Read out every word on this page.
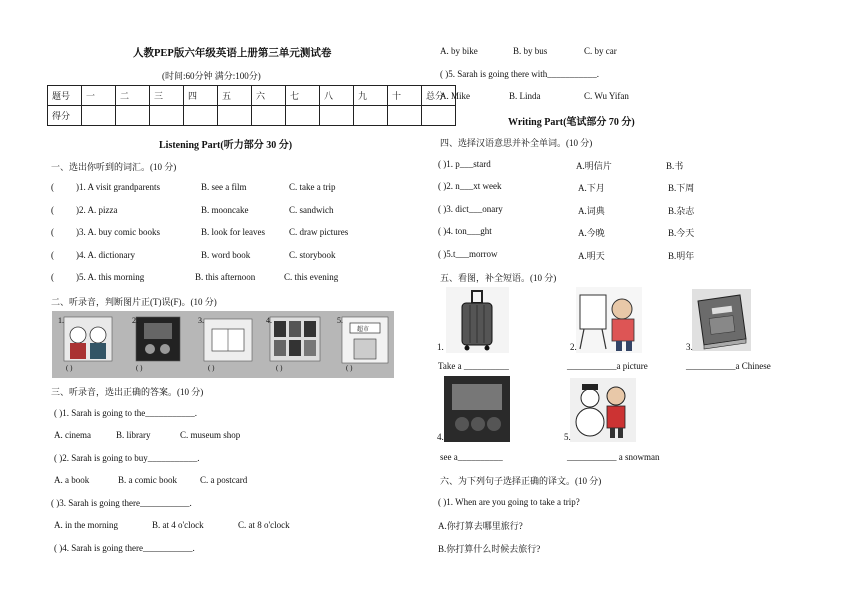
人教PEP版六年级英语上册第三单元测试卷
(时间:60分钟 满分:100分)
题号	一	二	三	四	五	六	七	八	九	十	总分
得分											
Listening Part(听力部分 30 分)
一、选出你听到的词汇。(10 分)
( )1. A visit grandparents	B. see a film	C. take a trip
( )2. A. pizza	B. mooncake	C. sandwich
( )3. A. buy comic books	B. look for leaves	C. draw pictures
( )4. A. dictionary	B. word book	C. storybook
( )5. A. this morning	B. this afternoon	C. this evening
二、听录音，判断图片正(T)误(F)。(10 分)
1.	2.	3.	4.	5.
超市
( )	( )	( )	( )	( )
三、听录音，选出正确的答案。(10 分)
( )1. Sarah is going to the___________.
A. cinema	B. library	C. museum shop
( )2. Sarah is going to buy___________.
A. a book	B. a comic book	C. a postcard
( )3. Sarah is going there___________.
A. in the morning	B. at 4 o'clock	C. at 8 o'clock
( )4. Sarah is going there___________.
A. by bike	B. by bus	C. by car
( )5. Sarah is going there with___________.
A. Mike	B. Linda	C. Wu Yifan
Writing Part(笔试部分 70 分)
四、选择汉语意思并补全单词。(10 分)
( )1. p___stard	A.明信片	B.书
( )2. n___xt week	A.下月	B.下周
( )3. dict___onary	A.词典	B.杂志
( )4. ton___ght	A.今晚	B.今天
( )5.t___morrow	A.明天	B.明年
五、看图，补全短语。(10 分)
1.	2.	3.
Take a __________	___________a picture	___________a Chinese
4.	5.
see a__________	___________ a snowman
六、为下列句子选择正确的译文。(10 分)
( )1. When are you going to take a trip?
A.你打算去哪里旅行?
B.你打算什么时候去旅行?
